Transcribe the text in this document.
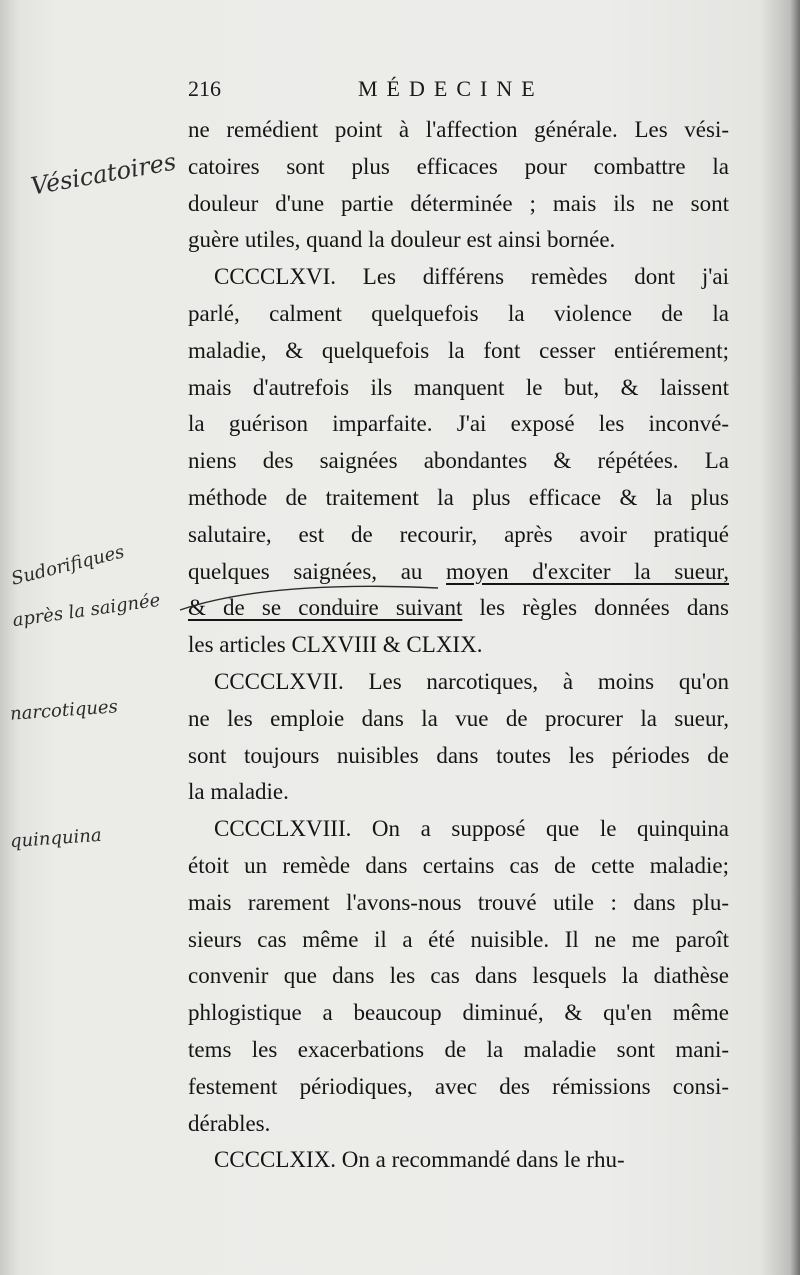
216	MÉDECINE
ne remédient point à l'affection générale. Les vési-
catoires sont plus efficaces pour combattre la
douleur d'une partie déterminée ; mais ils ne sont
guère utiles, quand la douleur est ainsi bornée.
CCCCLXVI. Les différens remèdes dont j'ai
parlé, calment quelquefois la violence de la
maladie, & quelquefois la font cesser entiérement;
mais d'autrefois ils manquent le but, & laissent
la guérison imparfaite. J'ai exposé les inconvé-
niens des saignées abondantes & répétées. La
méthode de traitement la plus efficace & la plus
salutaire, est de recourir, après avoir pratiqué
quelques saignées, au moyen d'exciter la sueur,
& de se conduire suivant les règles données dans
les articles CLXVIII & CLXIX.
CCCCLXVII. Les narcotiques, à moins qu'on
ne les emploie dans la vue de procurer la sueur,
sont toujours nuisibles dans toutes les périodes de
la maladie.
CCCCLXVIII. On a supposé que le quinquina
étoit un remède dans certains cas de cette maladie;
mais rarement l'avons-nous trouvé utile : dans plu-
sieurs cas même il a été nuisible. Il ne me paroît
convenir que dans les cas dans lesquels la diathèse
phlogistique a beaucoup diminué, & qu'en même
tems les exacerbations de la maladie sont mani-
festement périodiques, avec des rémissions consi-
dérables.
CCCCLXIX. On a recommandé dans le rhu-
Vésicatoires
Sudorifiques
après la saignée
narcotiques
quinquina
